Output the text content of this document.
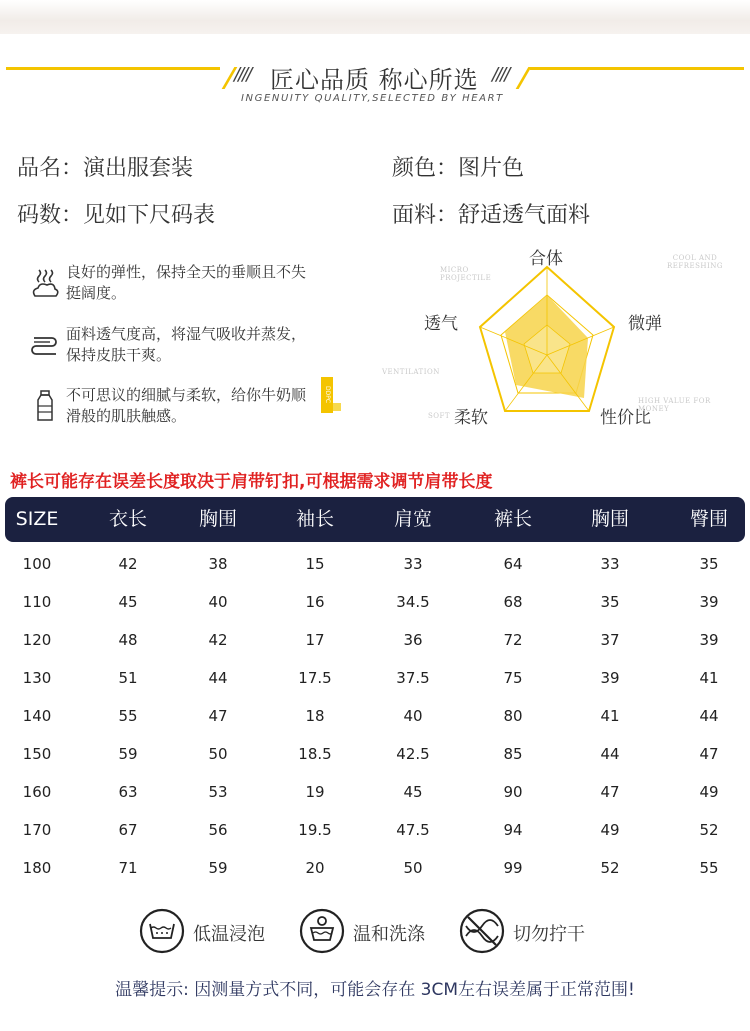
//// 匠心品质 称心所选 ////
INGENUITY QUALITY,SELECTED BY HEART
品名：演出服套装	颜色：图片色
码数：见如下尺码表	面料：舒适透气面料
良好的弹性，保持全天的垂顺且不失挺阔度。
面料透气度高，将湿气吸收并蒸发，保持皮肤干爽。
不可思议的细腻与柔软，给你牛奶顺滑般的肌肤触感。
DDPC
合体
微弹
性价比
柔软
透气
MICRO PROJECTILE
COOL AND REFRESHING
VENTILATION
SOFT
HIGH VALUE FOR MONEY
裤长可能存在误差长度取决于肩带钉扣,可根据需求调节肩带长度
SIZE	衣长	胸围	袖长	肩宽	裤长	胸围	臀围
100	42	38	15	33	64	33	35
110	45	40	16	34.5	68	35	39
120	48	42	17	36	72	37	39
130	51	44	17.5	37.5	75	39	41
140	55	47	18	40	80	41	44
150	59	50	18.5	42.5	85	44	47
160	63	53	19	45	90	47	49
170	67	56	19.5	47.5	94	49	52
180	71	59	20	50	99	52	55
低温浸泡	温和洗涤	切勿拧干
温馨提示: 因测量方式不同，可能会存在 3CM左右误差属于正常范围!
